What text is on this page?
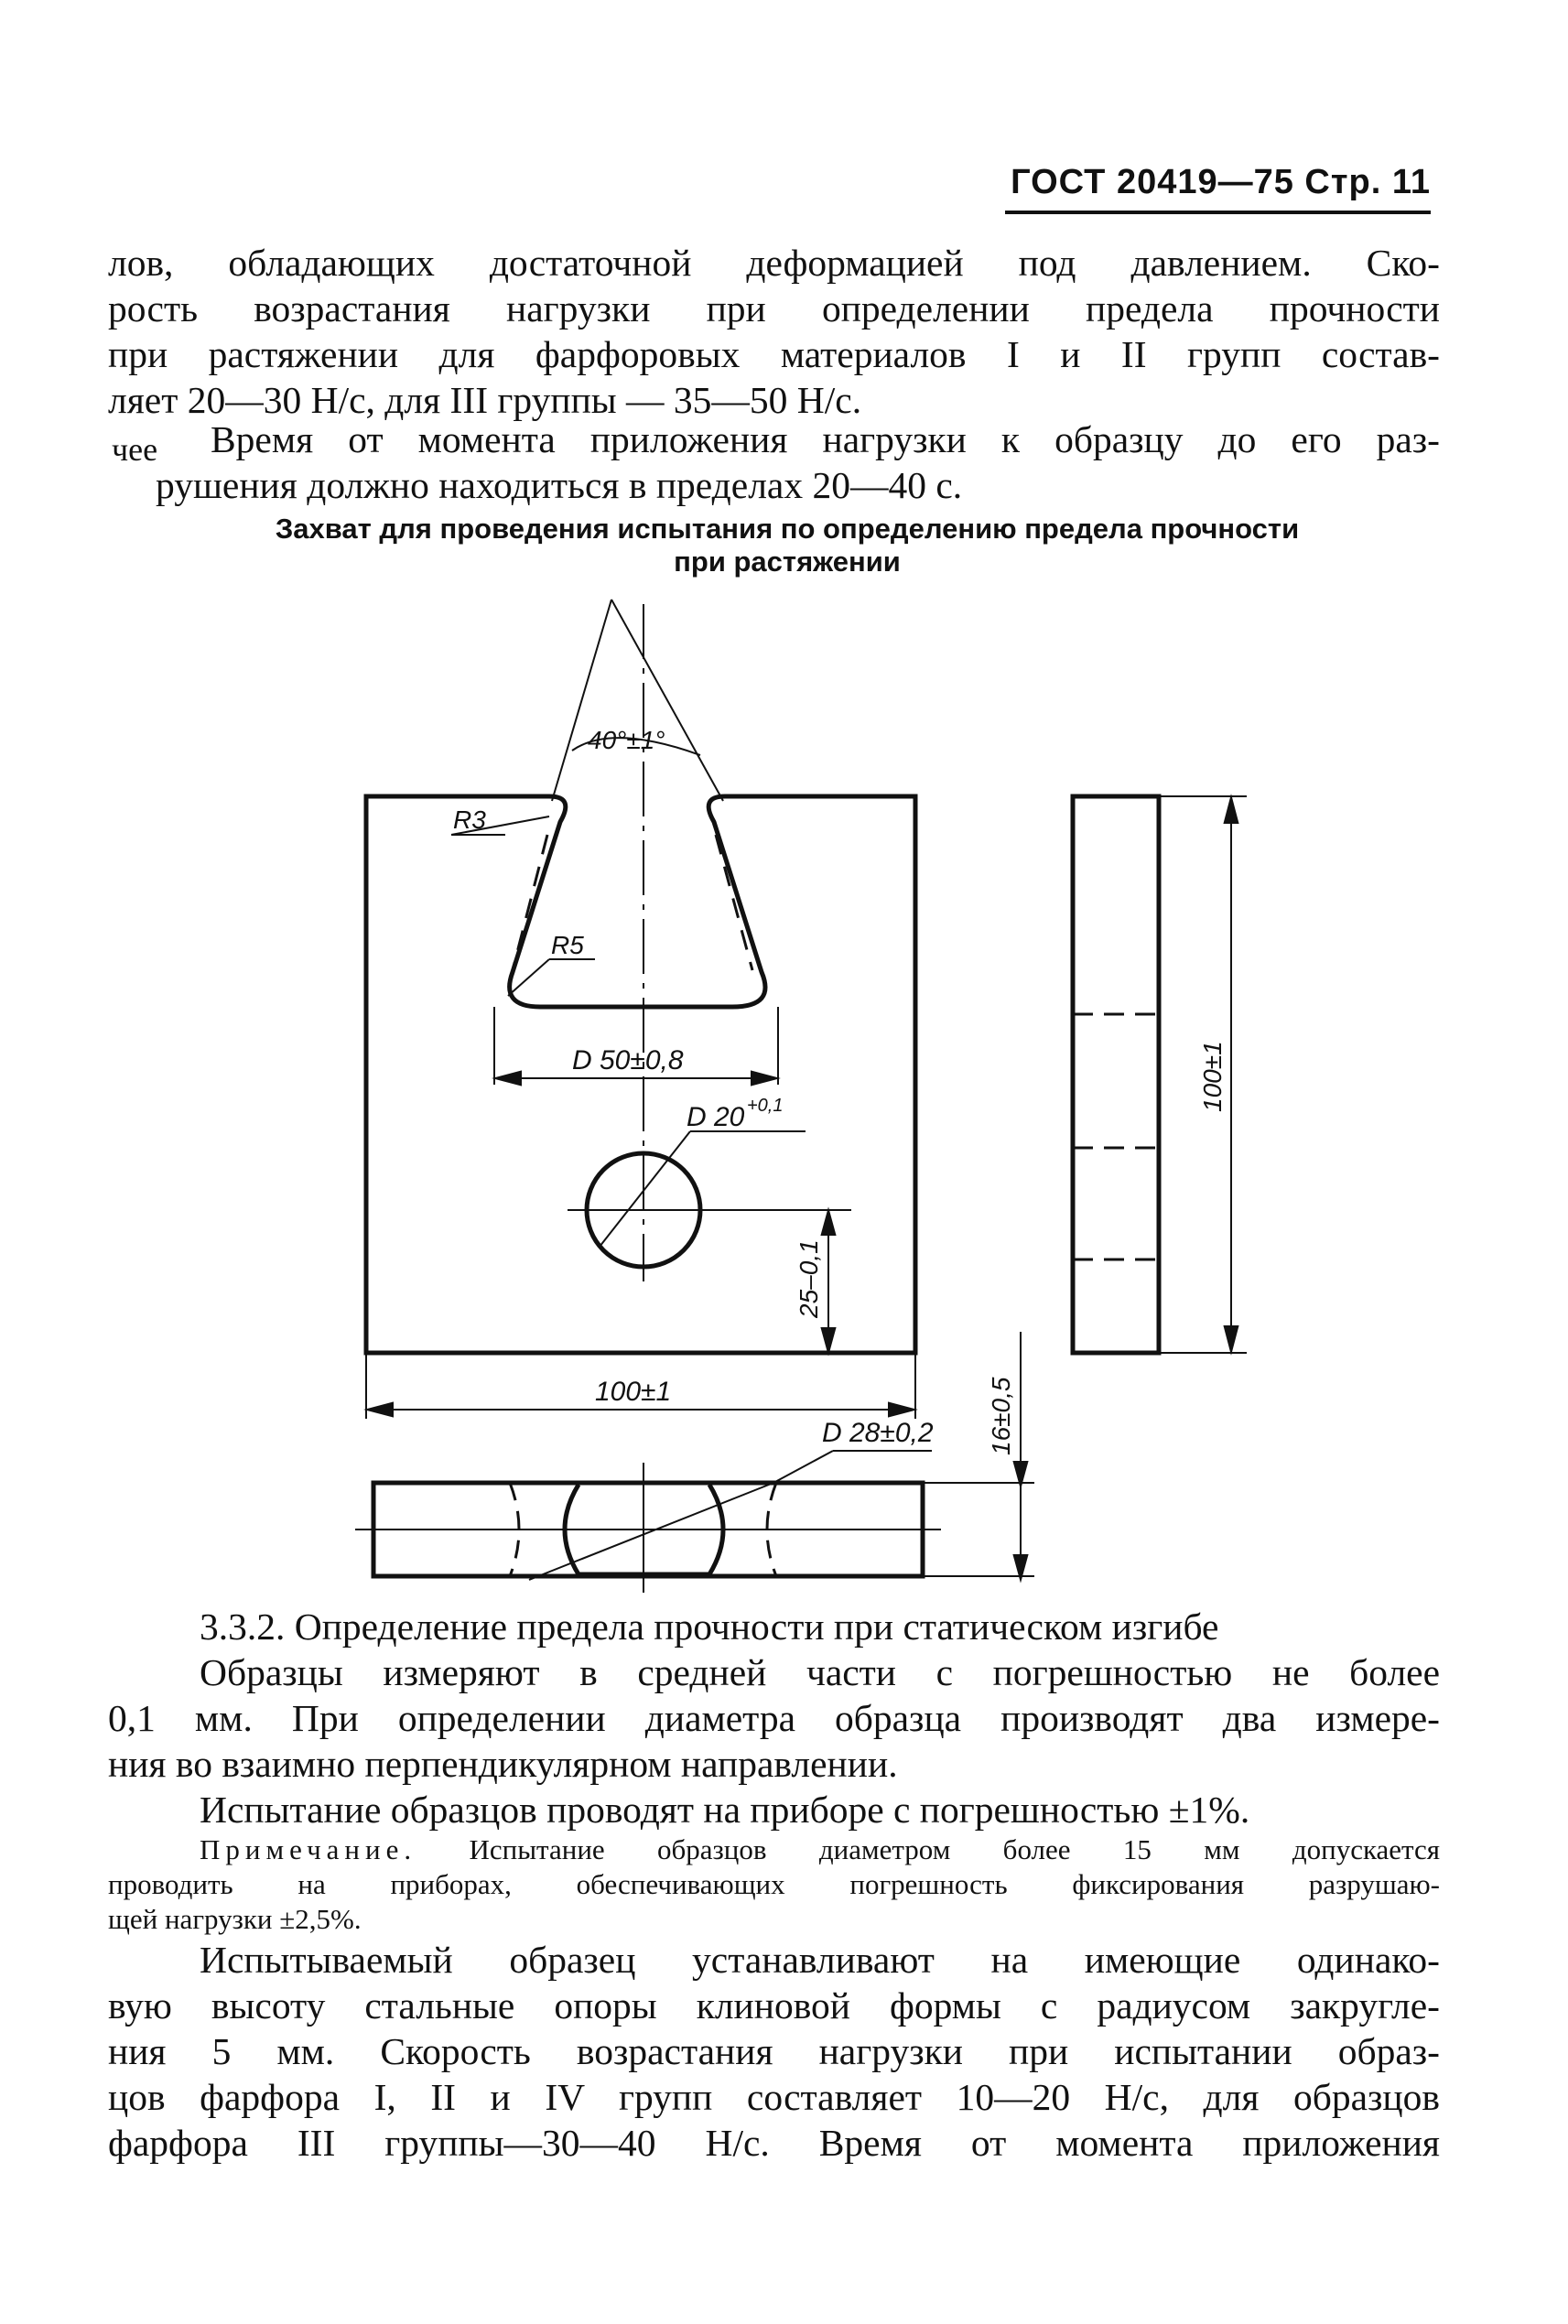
ГОСТ 20419—75 Стр. 11

лов, обладающих достаточной деформацией под давлением. Ско-

рость возрастания нагрузки при определении предела прочности

при растяжении для фарфоровых материалов I и II групп состав-

ляет 20—30 Н/с, для III группы — 35—50 Н/с.

чее	Время от момента приложения нагрузки к образцу до его раз-

рушения должно находиться в пределах 20—40 с.

Захват для проведения испытания по определению предела прочности
при растяжении
40°±1°
R3
R5
D 50±0,8
D 20 +0,1
25–0,1
100±1
100±1
16±0,5
D 28±0,2

3.3.2. Определение предела прочности при статическом изгибе

Образцы измеряют в средней части с погрешностью не более

0,1 мм. При определении диаметра образца производят два измере-

ния во взаимно перпендикулярном направлении.

Испытание образцов проводят на приборе с погрешностью ±1%.

Примечание. Испытание образцов диаметром более 15 мм допускается

проводить на приборах, обеспечивающих погрешность фиксирования разрушаю-

щей нагрузки ±2,5%.

Испытываемый образец устанавливают на имеющие одинако-

вую высоту стальные опоры клиновой формы с радиусом закругле-

ния 5 мм. Скорость возрастания нагрузки при испытании образ-

цов фарфора I, II и IV групп составляет 10—20 Н/с, для образцов

фарфора III группы—30—40 Н/с. Время от момента приложения
